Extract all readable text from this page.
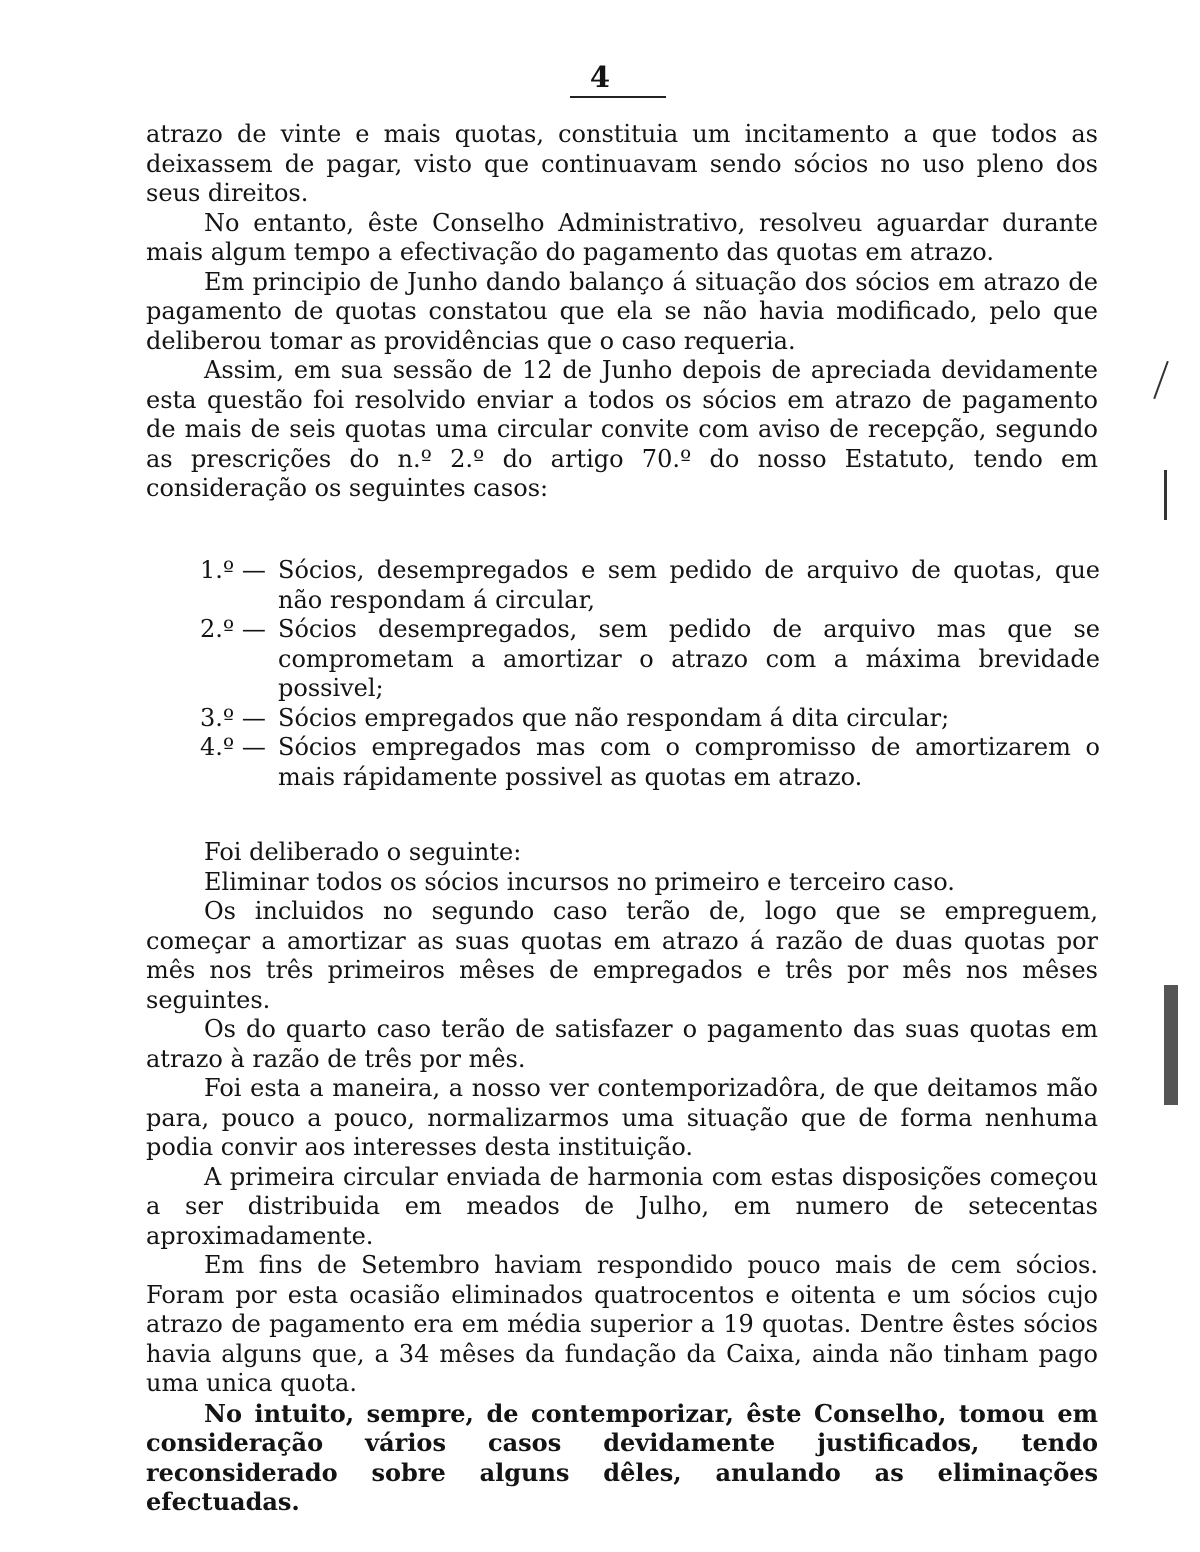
4

atrazo de vinte e mais quotas, constituia um incitamento a que todos as deixassem de pagar, visto que continuavam sendo sócios no uso pleno dos seus direitos.

No entanto, êste Conselho Administrativo, resolveu aguardar durante mais algum tempo a efectivação do pagamento das quotas em atrazo.

Em principio de Junho dando balanço á situação dos sócios em atrazo de pagamento de quotas constatou que ela se não havia modificado, pelo que deliberou tomar as providências que o caso requeria.

Assim, em sua sessão de 12 de Junho depois de apreciada devidamente esta questão foi resolvido enviar a todos os sócios em atrazo de pagamento de mais de seis quotas uma circular convite com aviso de recepção, segundo as prescrições do n.º 2.º do artigo 70.º do nosso Estatuto, tendo em consideração os seguintes casos:

1.º — Sócios, desempregados e sem pedido de arquivo de quotas, que não respondam á circular,
2.º — Sócios desempregados, sem pedido de arquivo mas que se comprometam a amortizar o atrazo com a máxima brevidade possivel;
3.º — Sócios empregados que não respondam á dita circular;
4.º — Sócios empregados mas com o compromisso de amortizarem o mais rápidamente possivel as quotas em atrazo.

Foi deliberado o seguinte:

Eliminar todos os sócios incursos no primeiro e terceiro caso.

Os incluidos no segundo caso terão de, logo que se empreguem, começar a amortizar as suas quotas em atrazo á razão de duas quotas por mês nos três primeiros mêses de empregados e três por mês nos mêses seguintes.

Os do quarto caso terão de satisfazer o pagamento das suas quotas em atrazo à razão de três por mês.

Foi esta a maneira, a nosso ver contemporizadôra, de que deitamos mão para, pouco a pouco, normalizarmos uma situação que de forma nenhuma podia convir aos interesses desta instituição.

A primeira circular enviada de harmonia com estas disposições começou a ser distribuida em meados de Julho, em numero de setecentas aproximadamente.

Em fins de Setembro haviam respondido pouco mais de cem sócios. Foram por esta ocasião eliminados quatrocentos e oitenta e um sócios cujo atrazo de pagamento era em média superior a 19 quotas. Dentre êstes sócios havia alguns que, a 34 mêses da fundação da Caixa, ainda não tinham pago uma unica quota.

No intuito, sempre, de contemporizar, êste Conselho, tomou em consideração vários casos devidamente justificados, tendo reconsiderado sobre alguns dêles, anulando as eliminações efectuadas.
